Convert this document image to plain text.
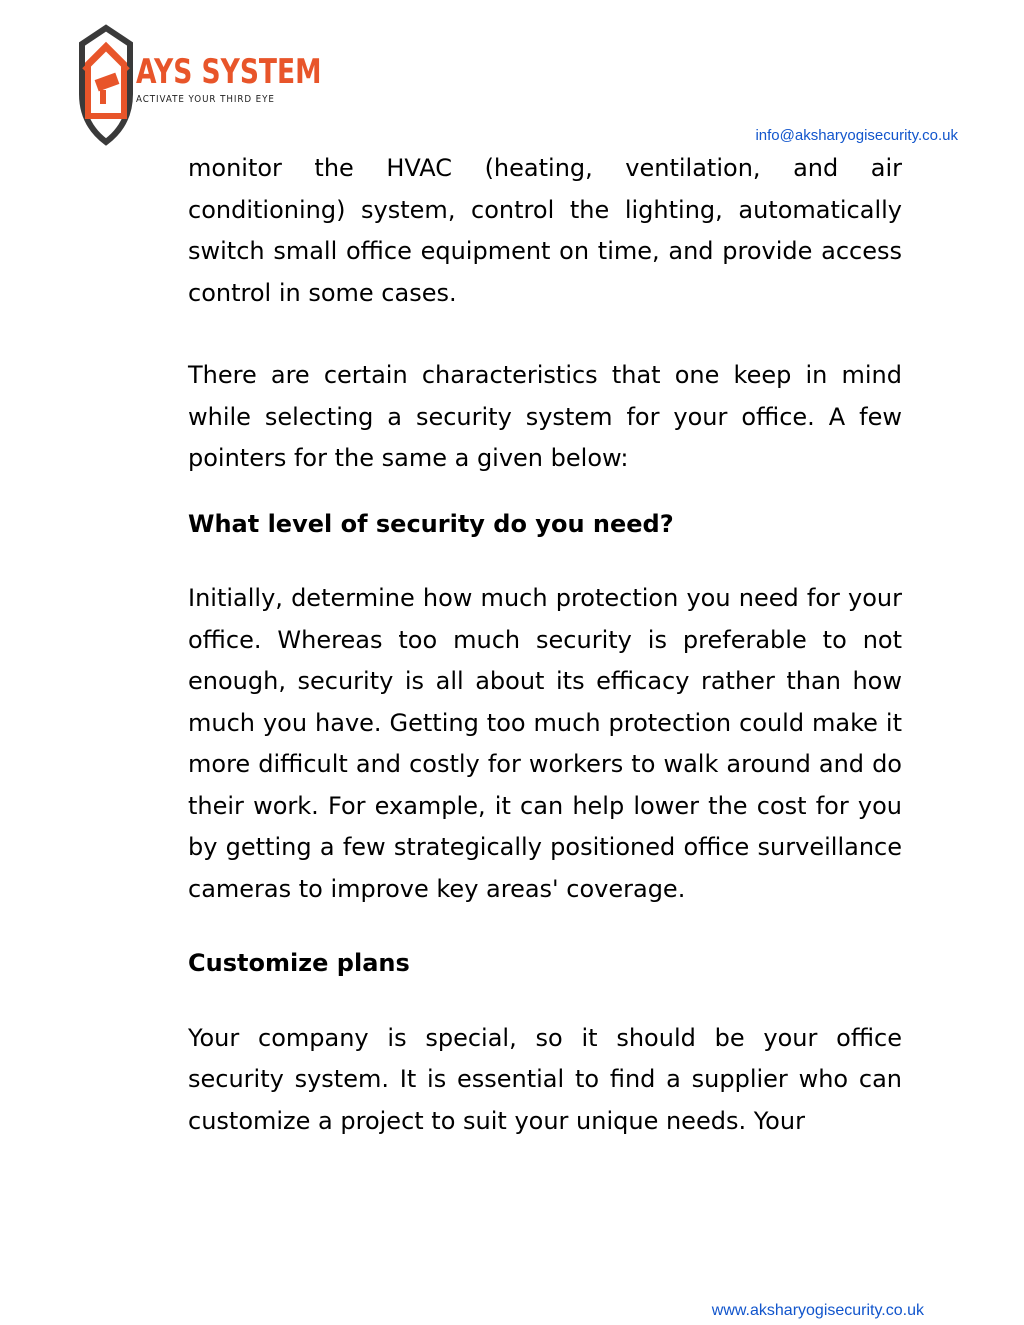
AYS SYSTEM
ACTIVATE YOUR THIRD EYE
info@aksharyogisecurity.co.uk

monitor the HVAC (heating, ventilation, and air conditioning) system, control the lighting, automatically switch small office equipment on time, and provide access control in some cases.

There are certain characteristics that one keep in mind while selecting a security system for your office. A few pointers for the same a given below:

What level of security do you need?

Initially, determine how much protection you need for your office. Whereas too much security is preferable to not enough, security is all about its efficacy rather than how much you have. Getting too much protection could make it more difficult and costly for workers to walk around and do their work. For example, it can help lower the cost for you by getting a few strategically positioned office surveillance cameras to improve key areas' coverage.

Customize plans

Your company is special, so it should be your office security system. It is essential to find a supplier who can customize a project to suit your unique needs. Your

www.aksharyogisecurity.co.uk
